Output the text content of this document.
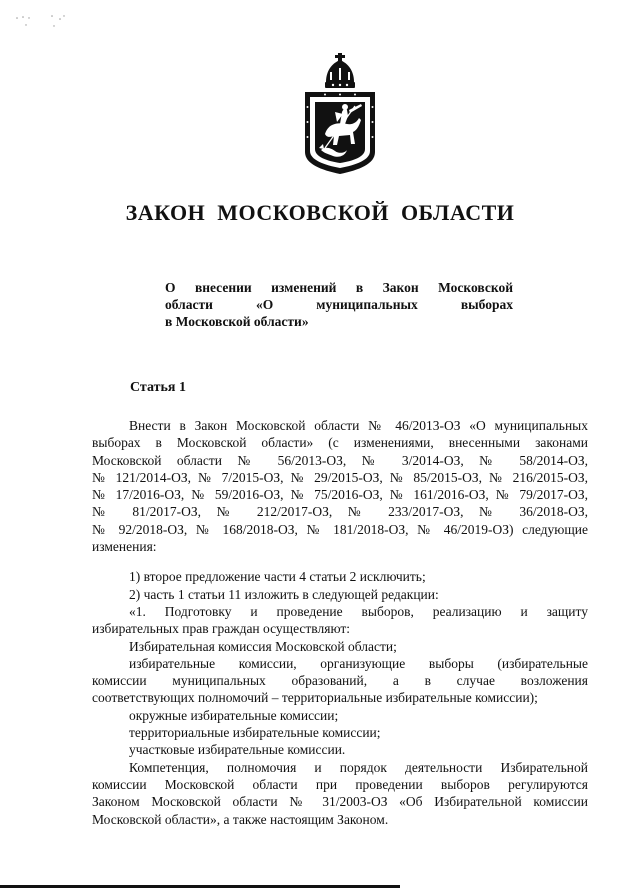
ЗАКОН МОСКОВСКОЙ ОБЛАСТИ
О внесении изменений в Закон Московской
области «О муниципальных выборах
в Московской области»
Статья 1
Внести в Закон Московской области № 46/2013-ОЗ «О муниципальных
выборах в Московской области» (с изменениями, внесенными законами
Московской области № 56/2013-ОЗ, № 3/2014-ОЗ, № 58/2014-ОЗ,
№ 121/2014-ОЗ, № 7/2015-ОЗ, № 29/2015-ОЗ, № 85/2015-ОЗ, № 216/2015-ОЗ,
№ 17/2016-ОЗ, № 59/2016-ОЗ, № 75/2016-ОЗ, № 161/2016-ОЗ, № 79/2017-ОЗ,
№ 81/2017-ОЗ, № 212/2017-ОЗ, № 233/2017-ОЗ, № 36/2018-ОЗ,
№ 92/2018-ОЗ, № 168/2018-ОЗ, № 181/2018-ОЗ, № 46/2019-ОЗ) следующие
изменения:
1) второе предложение части 4 статьи 2 исключить;
2) часть 1 статьи 11 изложить в следующей редакции:
«1. Подготовку и проведение выборов, реализацию и защиту
избирательных прав граждан осуществляют:
Избирательная комиссия Московской области;
избирательные комиссии, организующие выборы (избирательные
комиссии муниципальных образований, а в случае возложения
соответствующих полномочий – территориальные избирательные комиссии);
окружные избирательные комиссии;
территориальные избирательные комиссии;
участковые избирательные комиссии.
Компетенция, полномочия и порядок деятельности Избирательной
комиссии Московской области при проведении выборов регулируются
Законом Московской области № 31/2003-ОЗ «Об Избирательной комиссии
Московской области», а также настоящим Законом.
